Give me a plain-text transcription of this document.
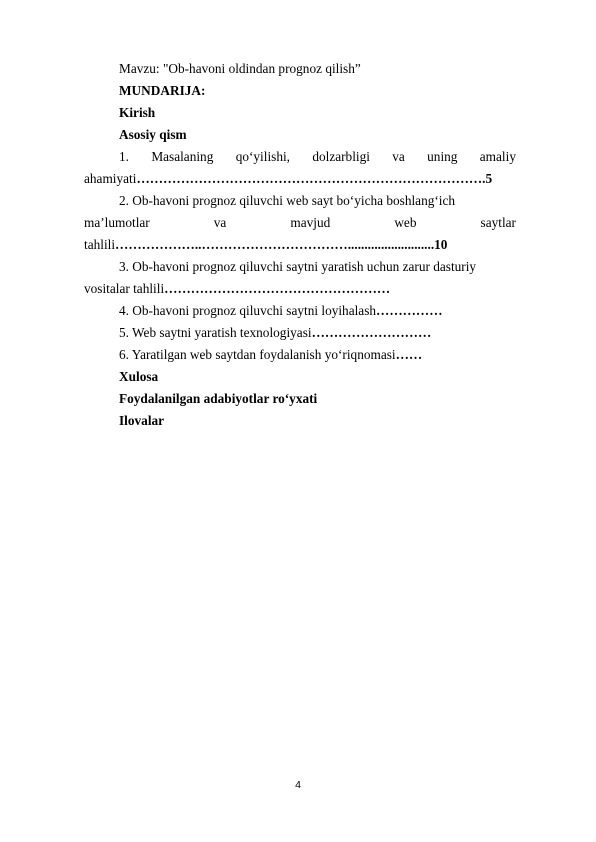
Mavzu: "Ob-havoni oldindan prognoz qilish”
MUNDARIJA:
Kirish
Asosiy qism
1. Masalaning qo‘yilishi, dolzarbligi va uning amaliy
ahamiyati…………………………………………………………………….5
2. Ob-havoni prognoz qiluvchi web sayt bo‘yicha boshlang‘ich
ma’lumotlar	va	mavjud	web	saytlar
tahlili………………..……………………………..........................10
3. Ob-havoni prognoz qiluvchi saytni yaratish uchun zarur dasturiy
vositalar tahlili……………………………………………
4. Ob-havoni prognoz qiluvchi saytni loyihalash……………
5. Web saytni yaratish texnologiyasi………………………
6. Yaratilgan web saytdan foydalanish yo‘riqnomasi……
Xulosa
Foydalanilgan adabiyotlar ro‘yxati
Ilovalar
4
